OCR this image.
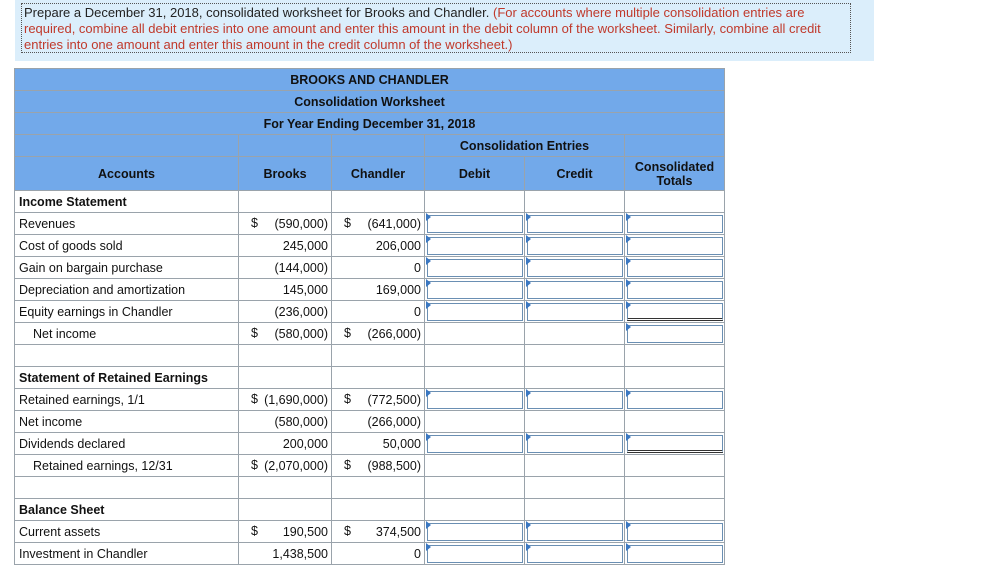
Prepare a December 31, 2018, consolidated worksheet for Brooks and Chandler. (For accounts where multiple consolidation entries are required, combine all debit entries into one amount and enter this amount in the debit column of the worksheet. Similarly, combine all credit entries into one amount and enter this amount in the credit column of the worksheet.)
BROOKS AND CHANDLER					
Consolidation Worksheet					
For Year Ending December 31, 2018					
			Consolidation Entries		
Accounts	Brooks	Chandler	Debit	Credit	Consolidated Totals
Income Statement					
Revenues	$ (590,000)	$ (641,000)	

Cost of goods sold	245,000	206,000	

Gain on bargain purchase	(144,000)	0	

Depreciation and amortization	145,000	169,000	

Equity earnings in Chandler	(236,000)	0	

Net income	$ (580,000)	$ (266,000)			

Statement of Retained Earnings					
Retained earnings, 1/1	$ (1,690,000)	$ (772,500)	

Net income	(580,000)	(266,000)			
Dividends declared	200,000	50,000	

Retained earnings, 12/31	$ (2,070,000)	$ (988,500)			

Balance Sheet					
Current assets	$ 190,500	$ 374,500	

Investment in Chandler	1,438,500	0	
